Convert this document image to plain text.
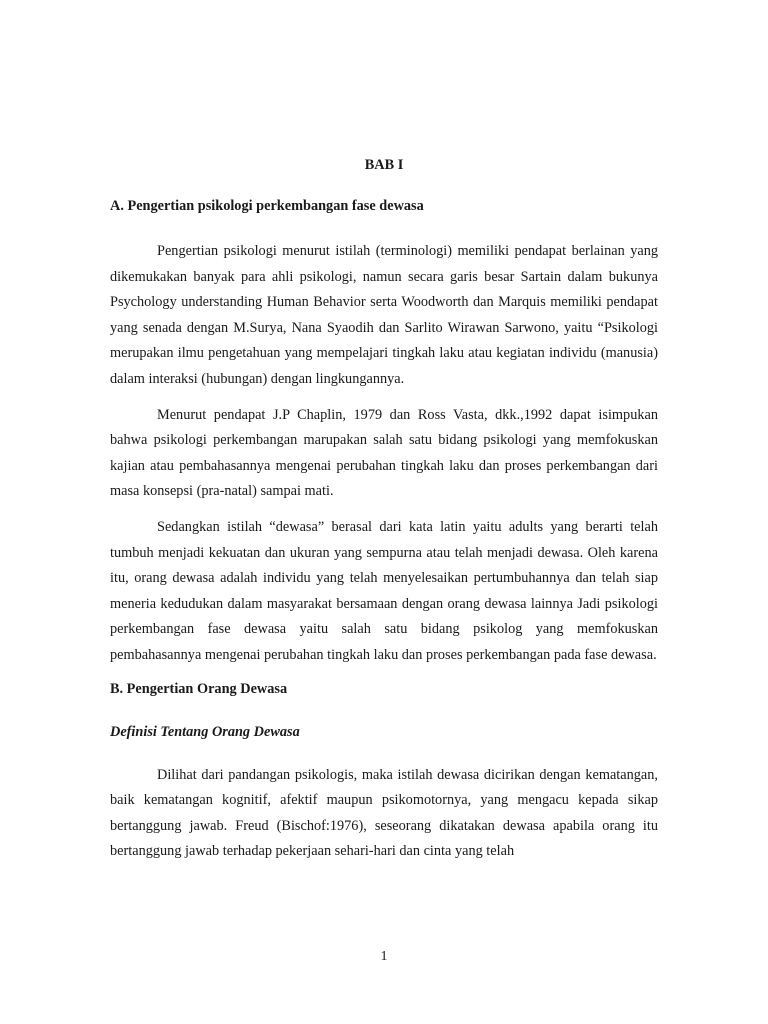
BAB I
A. Pengertian psikologi perkembangan fase dewasa

Pengertian psikologi menurut istilah (terminologi) memiliki pendapat berlainan yang dikemukakan banyak para ahli psikologi, namun secara garis besar Sartain dalam bukunya Psychology understanding Human Behavior serta Woodworth dan Marquis memiliki pendapat yang senada dengan M.Surya, Nana Syaodih dan Sarlito Wirawan Sarwono, yaitu “Psikologi merupakan ilmu pengetahuan yang mempelajari tingkah laku atau kegiatan individu (manusia) dalam interaksi (hubungan) dengan lingkungannya.

Menurut pendapat J.P Chaplin, 1979 dan Ross Vasta, dkk.,1992 dapat isimpukan bahwa psikologi perkembangan marupakan salah satu bidang psikologi yang memfokuskan kajian atau pembahasannya mengenai perubahan tingkah laku dan proses perkembangan dari masa konsepsi (pra-natal) sampai mati.

Sedangkan istilah “dewasa” berasal dari kata latin yaitu adults yang berarti telah tumbuh menjadi kekuatan dan ukuran yang sempurna atau telah menjadi dewasa. Oleh karena itu, orang dewasa adalah individu yang telah menyelesaikan pertumbuhannya dan telah siap meneria kedudukan dalam masyarakat bersamaan dengan orang dewasa lainnya Jadi psikologi perkembangan fase dewasa yaitu salah satu bidang psikolog yang memfokuskan pembahasannya mengenai perubahan tingkah laku dan proses perkembangan pada fase dewasa.

B. Pengertian Orang Dewasa
Definisi Tentang Orang Dewasa

Dilihat dari pandangan psikologis, maka istilah dewasa dicirikan dengan kematangan, baik kematangan kognitif, afektif maupun psikomotornya, yang mengacu kepada sikap bertanggung jawab. Freud (Bischof:1976), seseorang dikatakan dewasa apabila orang itu bertanggung jawab terhadap pekerjaan sehari-hari dan cinta yang telah

1
